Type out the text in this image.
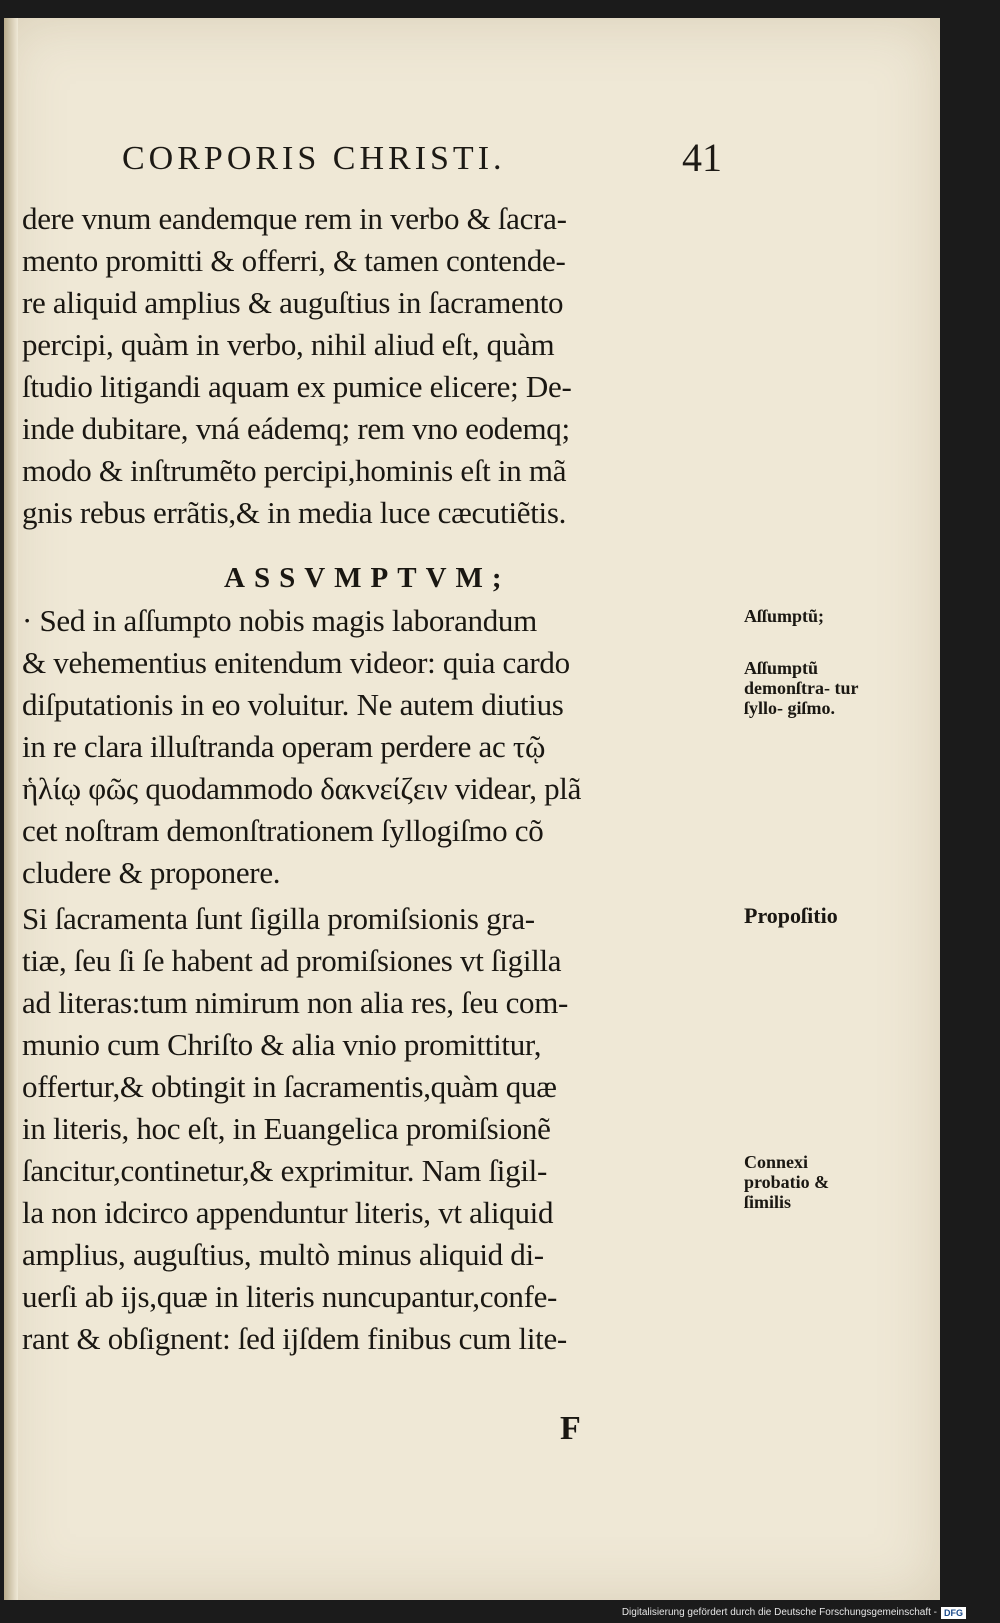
CORPORIS CHRISTI.	41
dere vnum eandemque rem in verbo & ſacra-
mento promitti & offerri, & tamen contende-
re aliquid amplius & auguſtius in ſacramento
percipi, quàm in verbo, nihil aliud eſt, quàm
ſtudio litigandi aquam ex pumice elicere; De-
inde dubitare, vná eádemq; rem vno eodemq;
modo & inſtrumẽto percipi,hominis eſt in mã
gnis rebus errãtis,& in media luce cæcutiẽtis.
ASSVMPTVM;
· Sed in aſſumpto nobis magis laborandum
& vehementius enitendum videor: quia cardo
diſputationis in eo voluitur. Ne autem diutius
in re clara illuſtranda operam perdere ac τῷ
ἡλίῳ φῶς quodammodo δακνείζειν videar, plã
cet noſtram demonſtrationem ſyllogiſmo cõ
cludere & proponere.
Si ſacramenta ſunt ſigilla promiſsionis gra-
tiæ, ſeu ſi ſe habent ad promiſsiones vt ſigilla
ad literas:tum nimirum non alia res, ſeu com-
munio cum Chriſto & alia vnio promittitur,
offertur,& obtingit in ſacramentis,quàm quæ
in literis, hoc eſt, in Euangelica promiſsionẽ
ſancitur,continetur,& exprimitur. Nam ſigil-
la non idcirco appenduntur literis, vt aliquid
amplius, auguſtius, multò minus aliquid di-
uerſi ab ijs,quæ in literis nuncupantur,confe-
rant & obſignent: ſed ijſdem finibus cum lite-
Aſſumptũ;
Aſſumptũ demonſtra- tur ſyllo- giſmo.
Propoſitio
Connexi probatio & ſimilis
F
Digitalisierung gefördert durch die Deutsche Forschungsgemeinschaft - DFG
